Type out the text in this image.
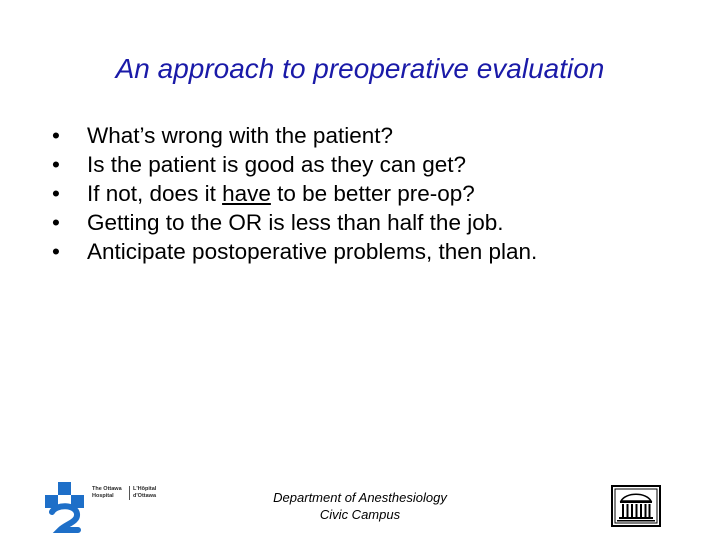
An approach to preoperative evaluation
• What’s wrong with the patient?
• Is the patient is good as they can get?
• If not, does it have to be better pre-op?
• Getting to the OR is less than half the job.
• Anticipate postoperative problems, then plan.
The Ottawa
Hospital
L'Hôpital
d'Ottawa	Department of Anesthesiology
Civic Campus
